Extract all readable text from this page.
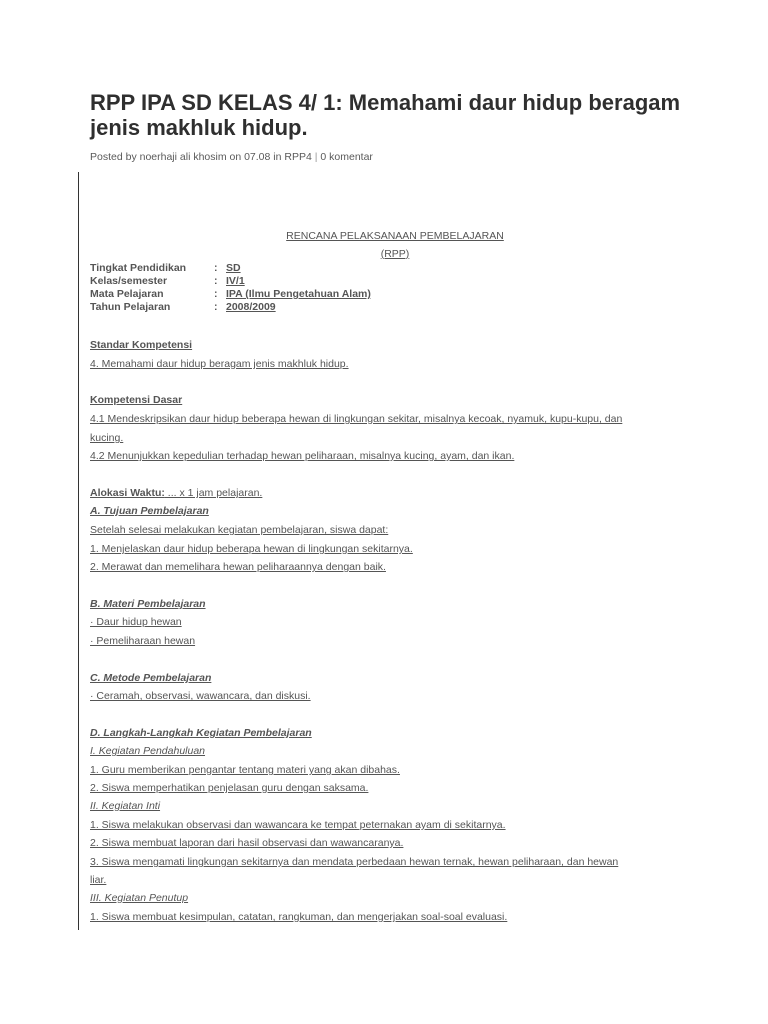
RPP IPA SD KELAS 4/ 1: Memahami daur hidup beragam jenis makhluk hidup.
Posted by noerhaji ali khosim on 07.08 in RPP4 | 0 komentar
RENCANA PELAKSANAAN PEMBELAJARAN
(RPP)
Tingkat Pendidikan	: SD
Kelas/semester	: IV/1
Mata Pelajaran	: IPA (Ilmu Pengetahuan Alam)
Tahun Pelajaran	: 2008/2009
Standar Kompetensi
4. Memahami daur hidup beragam jenis makhluk hidup.
Kompetensi Dasar
4.1 Mendeskripsikan daur hidup beberapa hewan di lingkungan sekitar, misalnya kecoak, nyamuk, kupu-kupu, dan
kucing.
4.2 Menunjukkan kepedulian terhadap hewan peliharaan, misalnya kucing, ayam, dan ikan.
Alokasi Waktu: ... x 1 jam pelajaran.
A. Tujuan Pembelajaran
Setelah selesai melakukan kegiatan pembelajaran, siswa dapat:
1. Menjelaskan daur hidup beberapa hewan di lingkungan sekitarnya.
2. Merawat dan memelihara hewan peliharaannya dengan baik.
B. Materi Pembelajaran
· Daur hidup hewan
· Pemeliharaan hewan
C. Metode Pembelajaran
· Ceramah, observasi, wawancara, dan diskusi.
D. Langkah-Langkah Kegiatan Pembelajaran
I. Kegiatan Pendahuluan
1. Guru memberikan pengantar tentang materi yang akan dibahas.
2. Siswa memperhatikan penjelasan guru dengan saksama.
II. Kegiatan Inti
1. Siswa melakukan observasi dan wawancara ke tempat peternakan ayam di sekitarnya.
2. Siswa membuat laporan dari hasil observasi dan wawancaranya.
3. Siswa mengamati lingkungan sekitarnya dan mendata perbedaan hewan ternak, hewan peliharaan, dan hewan
liar.
III. Kegiatan Penutup
1. Siswa membuat kesimpulan, catatan, rangkuman, dan mengerjakan soal-soal evaluasi.
